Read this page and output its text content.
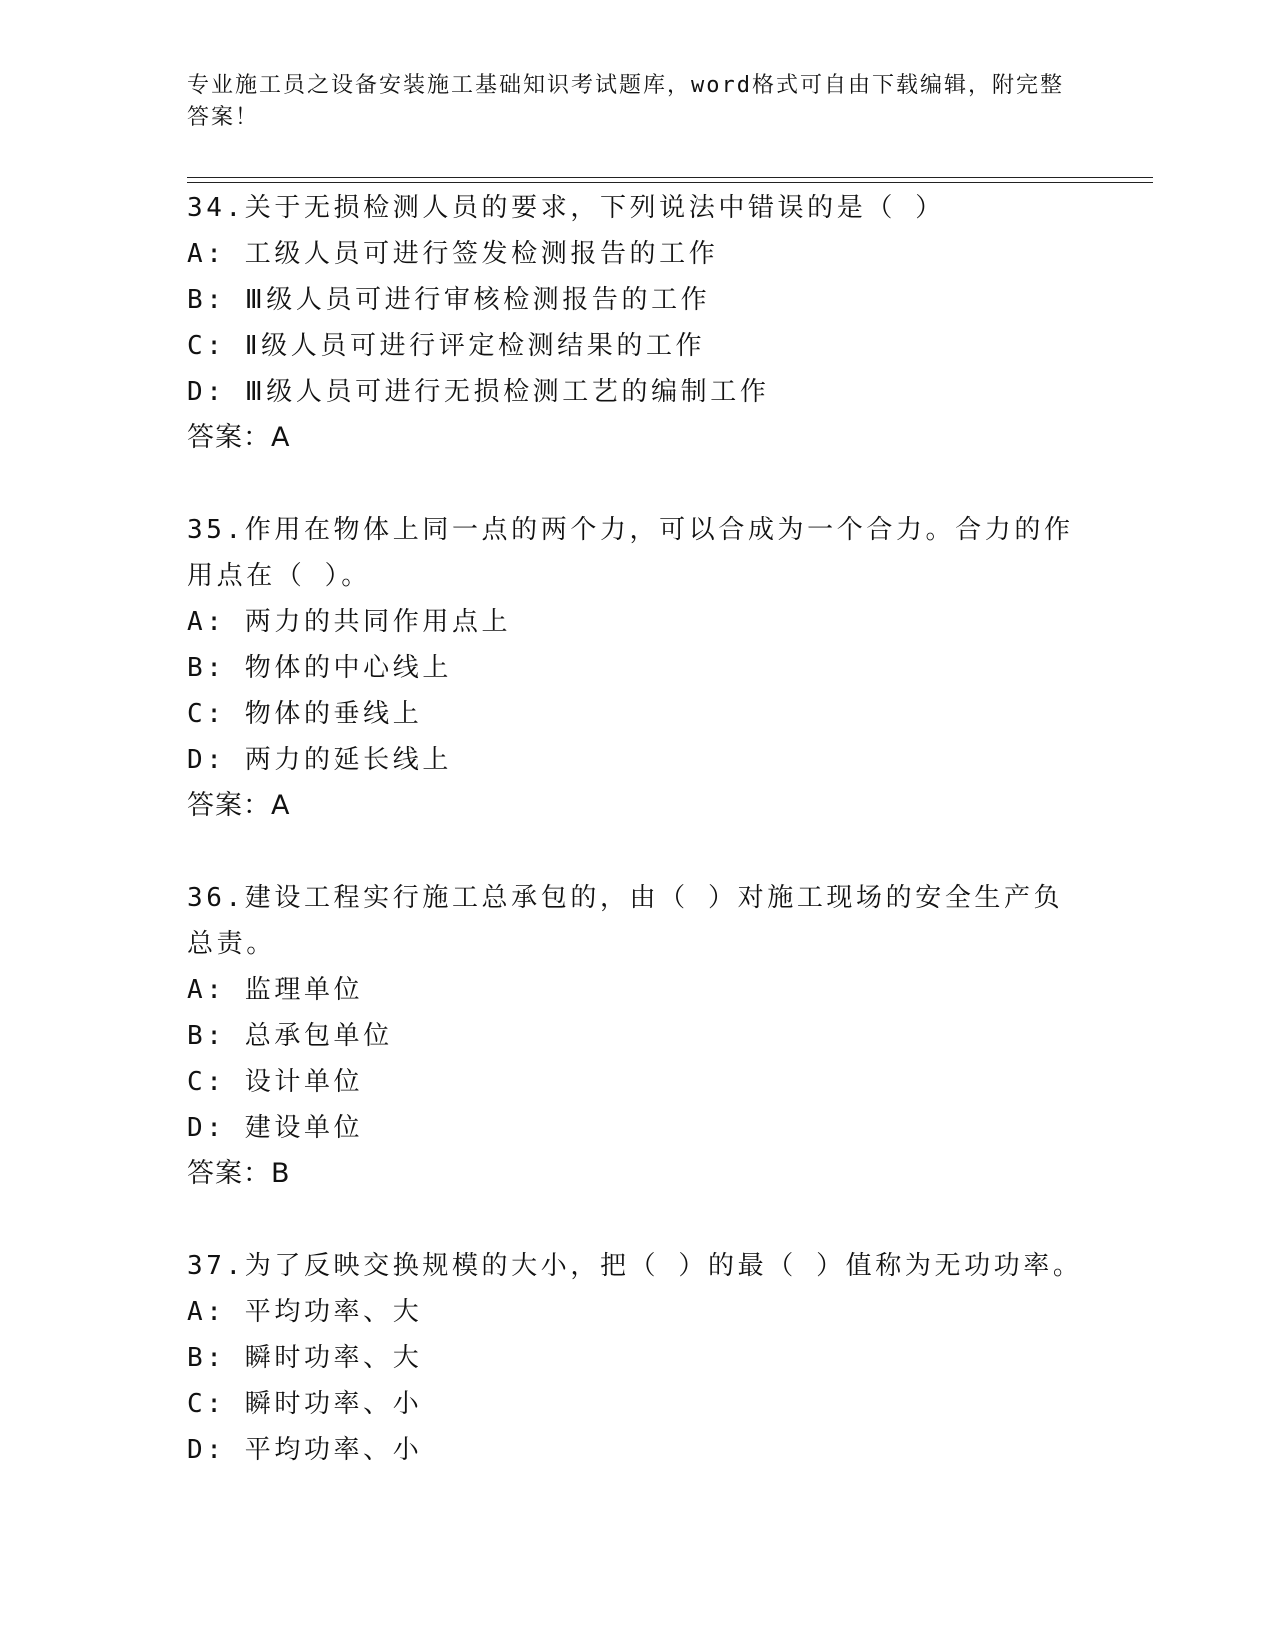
专业施工员之设备安装施工基础知识考试题库，word格式可自由下载编辑，附完整答案！

34.关于无损检测人员的要求，下列说法中错误的是（ ）

A: 工级人员可进行签发检测报告的工作

B: Ⅲ级人员可进行审核检测报告的工作

C: Ⅱ级人员可进行评定检测结果的工作

D: Ⅲ级人员可进行无损检测工艺的编制工作

答案：A

35.作用在物体上同一点的两个力，可以合成为一个合力。合力的作用点在（ ）。

A: 两力的共同作用点上

B: 物体的中心线上

C: 物体的垂线上

D: 两力的延长线上

答案：A

36.建设工程实行施工总承包的，由（ ）对施工现场的安全生产负总责。

A: 监理单位

B: 总承包单位

C: 设计单位

D: 建设单位

答案：B

37.为了反映交换规模的大小，把（ ）的最（ ）值称为无功功率。

A: 平均功率、大

B: 瞬时功率、大

C: 瞬时功率、小

D: 平均功率、小
